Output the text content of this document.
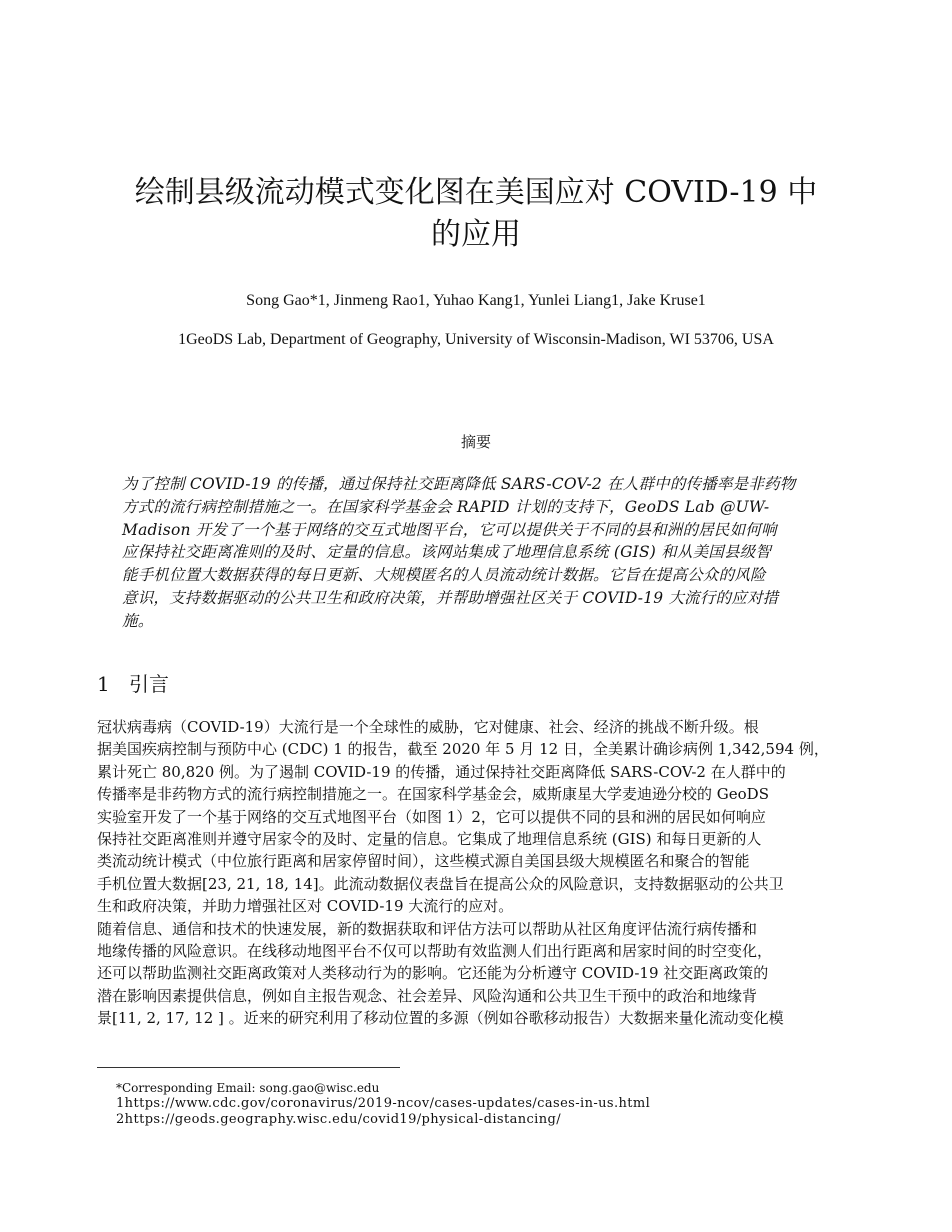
绘制县级流动模式变化图在美国应对 COVID-19 中
的应用
Song Gao*1, Jinmeng Rao1, Yuhao Kang1, Yunlei Liang1, Jake Kruse1
1GeoDS Lab, Department of Geography, University of Wisconsin-Madison, WI 53706, USA
摘要

为了控制 COVID-19 的传播，通过保持社交距离降低 SARS-COV-2 在人群中的传播率是非药物
方式的流行病控制措施之一。在国家科学基金会 RAPID 计划的支持下，GeoDS Lab @UW-
Madison 开发了一个基于网络的交互式地图平台，它可以提供关于不同的县和洲的居民如何响
应保持社交距离准则的及时、定量的信息。该网站集成了地理信息系统 (GIS) 和从美国县级智
能手机位置大数据获得的每日更新、大规模匿名的人员流动统计数据。它旨在提高公众的风险
意识，支持数据驱动的公共卫生和政府决策，并帮助增强社区关于 COVID-19 大流行的应对措
施。

1 引言

冠状病毒病（COVID-19）大流行是一个全球性的威胁，它对健康、社会、经济的挑战不断升级。根
据美国疾病控制与预防中心 (CDC) 1 的报告，截至 2020 年 5 月 12 日，全美累计确诊病例 1,342,594 例，
累计死亡 80,820 例。为了遏制 COVID-19 的传播，通过保持社交距离降低 SARS-COV-2 在人群中的
传播率是非药物方式的流行病控制措施之一。在国家科学基金会，威斯康星大学麦迪逊分校的 GeoDS
实验室开发了一个基于网络的交互式地图平台（如图 1）2，它可以提供不同的县和洲的居民如何响应
保持社交距离准则并遵守居家令的及时、定量的信息。它集成了地理信息系统 (GIS) 和每日更新的人
类流动统计模式（中位旅行距离和居家停留时间），这些模式源自美国县级大规模匿名和聚合的智能
手机位置大数据[23, 21, 18, 14]。此流动数据仪表盘旨在提高公众的风险意识，支持数据驱动的公共卫
生和政府决策，并助力增强社区对 COVID-19 大流行的应对。
随着信息、通信和技术的快速发展，新的数据获取和评估方法可以帮助从社区角度评估流行病传播和
地缘传播的风险意识。在线移动地图平台不仅可以帮助有效监测人们出行距离和居家时间的时空变化，
还可以帮助监测社交距离政策对人类移动行为的影响。它还能为分析遵守 COVID-19 社交距离政策的
潜在影响因素提供信息，例如自主报告观念、社会差异、风险沟通和公共卫生干预中的政治和地缘背
景[11, 2, 17, 12 ] 。近来的研究利用了移动位置的多源（例如谷歌移动报告）大数据来量化流动变化模

*Corresponding Email: song.gao@wisc.edu
1https://www.cdc.gov/coronavirus/2019-ncov/cases-updates/cases-in-us.html
2https://geods.geography.wisc.edu/covid19/physical-distancing/
